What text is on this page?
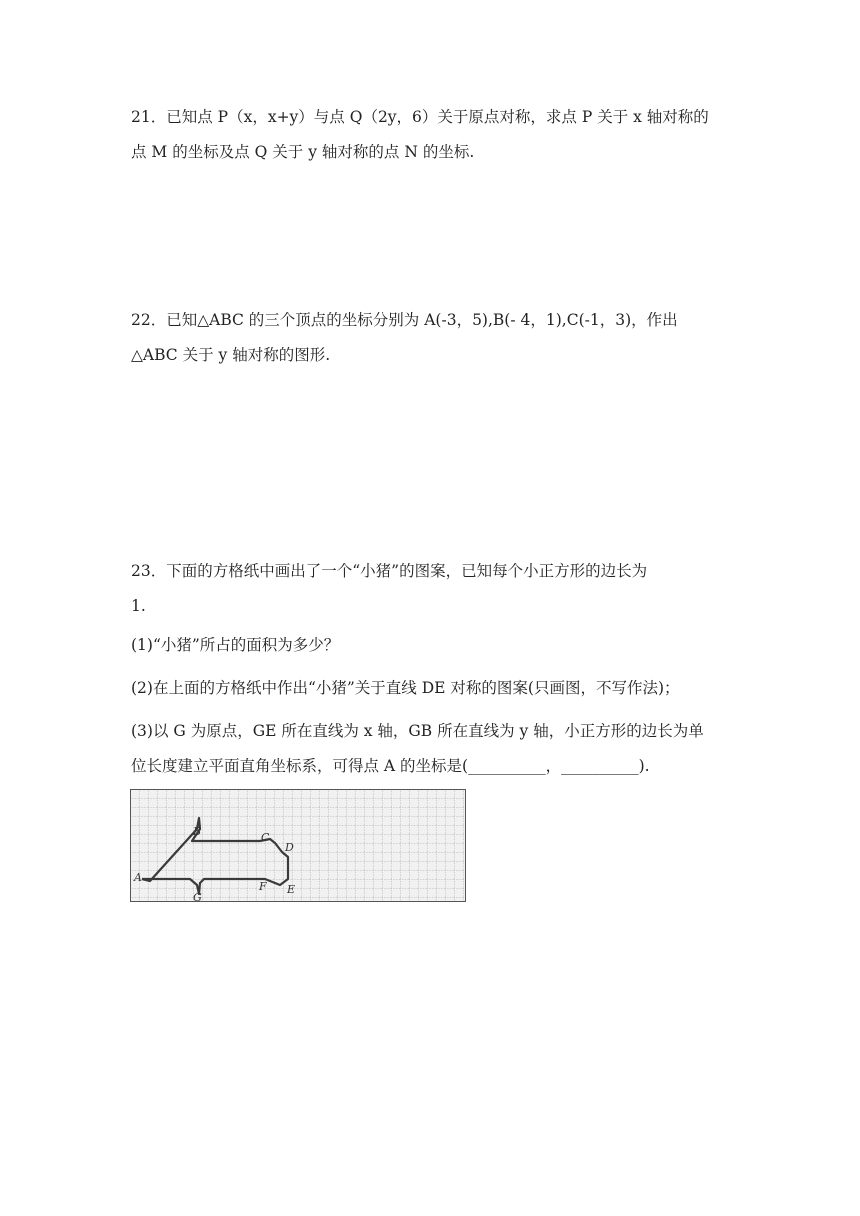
21．已知点 P（x，x+y）与点 Q（2y，6）关于原点对称，求点 P 关于 x 轴对称的
点 M 的坐标及点 Q 关于 y 轴对称的点 N 的坐标.
22．已知△ABC 的三个顶点的坐标分别为 A(-3，5),B(- 4，1),C(-1，3)，作出
△ABC 关于 y 轴对称的图形.
23．下面的方格纸中画出了一个“小猪”的图案，已知每个小正方形的边长为
1.
(1)“小猪”所占的面积为多少？
(2)在上面的方格纸中作出“小猪”关于直线 DE 对称的图案(只画图，不写作法)；
(3)以 G 为原点，GE 所在直线为 x 轴，GB 所在直线为 y 轴，小正方形的边长为单
位长度建立平面直角坐标系，可得点 A 的坐标是(__________，__________).
A
B	C
D
F E
G
